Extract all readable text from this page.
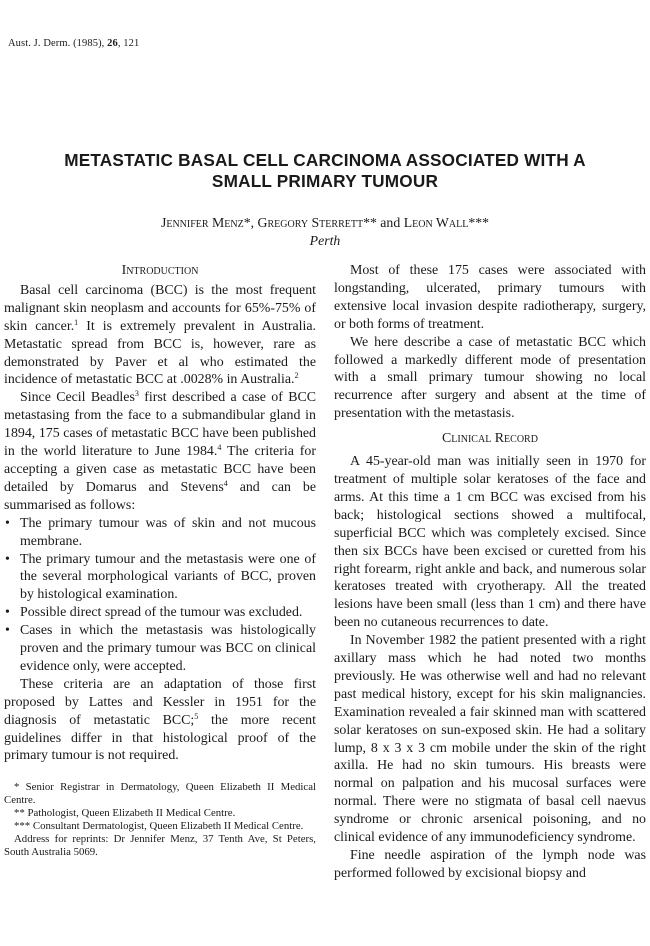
Aust. J. Derm. (1985), 26, 121
METASTATIC BASAL CELL CARCINOMA ASSOCIATED WITH A
SMALL PRIMARY TUMOUR
Jennifer Menz*, Gregory Sterrett** and Leon Wall***
Perth
Introduction

Basal cell carcinoma (BCC) is the most frequent malignant skin neoplasm and accounts for 65%-75% of skin cancer.$^1$ It is extremely prevalent in Australia. Metastatic spread from BCC is, however, rare as demonstrated by Paver et al who estimated the incidence of metastatic BCC at .0028% in Australia.$^2$

Since Cecil Beadles$^3$ first described a case of BCC metastasing from the face to a submandibular gland in 1894, 175 cases of metastatic BCC have been published in the world literature to June 1984.$^4$ The criteria for accepting a given case as metastatic BCC have been detailed by Domarus and Stevens$^4$ and can be summarised as follows:

• The primary tumour was of skin and not mucous membrane.
• The primary tumour and the metastasis were one of the several morphological variants of BCC, proven by histological examination.
• Possible direct spread of the tumour was excluded.
• Cases in which the metastasis was histologically proven and the primary tumour was BCC on clinical evidence only, were accepted.

These criteria are an adaptation of those first proposed by Lattes and Kessler in 1951 for the diagnosis of metastatic BCC;$^5$ the more recent guidelines differ in that histological proof of the primary tumour is not required.

* Senior Registrar in Dermatology, Queen Elizabeth II Medical Centre.

** Pathologist, Queen Elizabeth II Medical Centre.

*** Consultant Dermatologist, Queen Elizabeth II Medical Centre.

Address for reprints: Dr Jennifer Menz, 37 Tenth Ave, St Peters, South Australia 5069.

Most of these 175 cases were associated with longstanding, ulcerated, primary tumours with extensive local invasion despite radiotherapy, surgery, or both forms of treatment.

We here describe a case of metastatic BCC which followed a markedly different mode of presentation with a small primary tumour showing no local recurrence after surgery and absent at the time of presentation with the metastasis.

Clinical Record

A 45-year-old man was initially seen in 1970 for treatment of multiple solar keratoses of the face and arms. At this time a 1 cm BCC was excised from his back; histological sections showed a multifocal, superficial BCC which was completely excised. Since then six BCCs have been excised or curetted from his right forearm, right ankle and back, and numerous solar keratoses treated with cryotherapy. All the treated lesions have been small (less than 1 cm) and there have been no cutaneous recurrences to date.

In November 1982 the patient presented with a right axillary mass which he had noted two months previously. He was otherwise well and had no relevant past medical history, except for his skin malignancies. Examination revealed a fair skinned man with scattered solar keratoses on sun-exposed skin. He had a solitary lump, 8 x 3 x 3 cm mobile under the skin of the right axilla. He had no skin tumours. His breasts were normal on palpation and his mucosal surfaces were normal. There were no stigmata of basal cell naevus syndrome or chronic arsenical poisoning, and no clinical evidence of any immunodeficiency syndrome.

Fine needle aspiration of the lymph node was performed followed by excisional biopsy and
